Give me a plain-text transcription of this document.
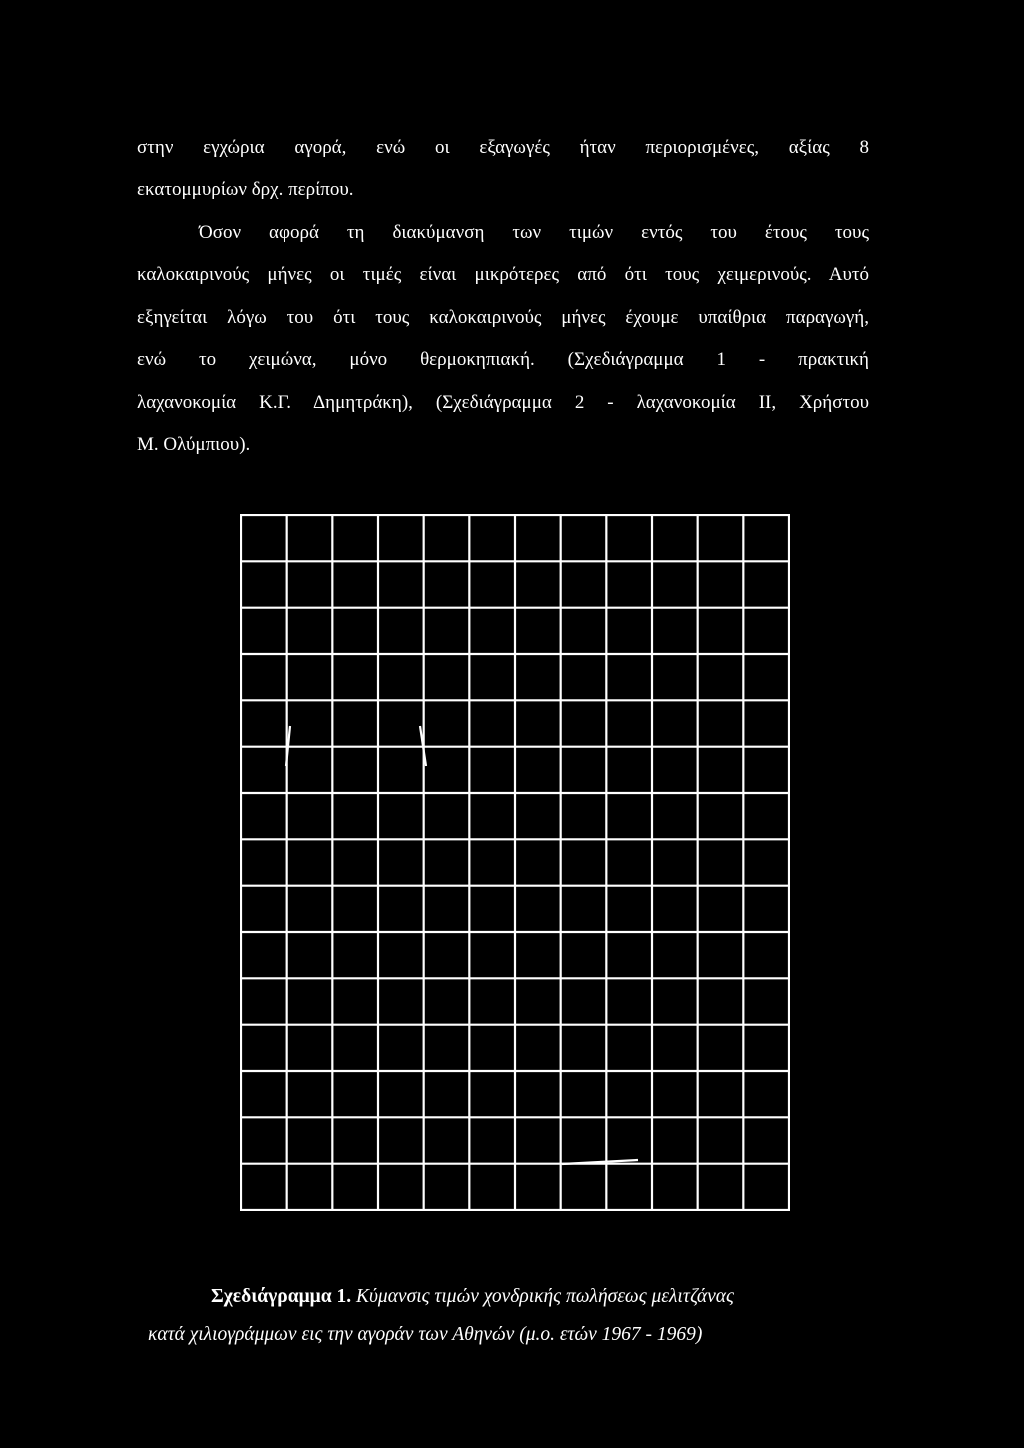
στην εγχώρια αγορά, ενώ οι εξαγωγές ήταν περιορισμένες, αξίας 8
εκατομμυρίων δρχ. περίπου.
Όσον αφορά τη διακύμανση των τιμών εντός του έτους τους
καλοκαιρινούς μήνες οι τιμές είναι μικρότερες από ότι τους χειμερινούς. Αυτό
εξηγείται λόγω του ότι τους καλοκαιρινούς μήνες έχουμε υπαίθρια παραγωγή,
ενώ το χειμώνα, μόνο θερμοκηπιακή. (Σχεδιάγραμμα 1 - πρακτική
λαχανοκομία Κ.Γ. Δημητράκη), (Σχεδιάγραμμα 2 - λαχανοκομία ΙΙ, Χρήστου
Μ. Ολύμπιου).
Σχεδιάγραμμα 1. Κύμανσις τιμών χονδρικής πωλήσεως μελιτζάνας
κατά χιλιογράμμων εις την αγοράν των Αθηνών (μ.ο. ετών 1967 - 1969)
